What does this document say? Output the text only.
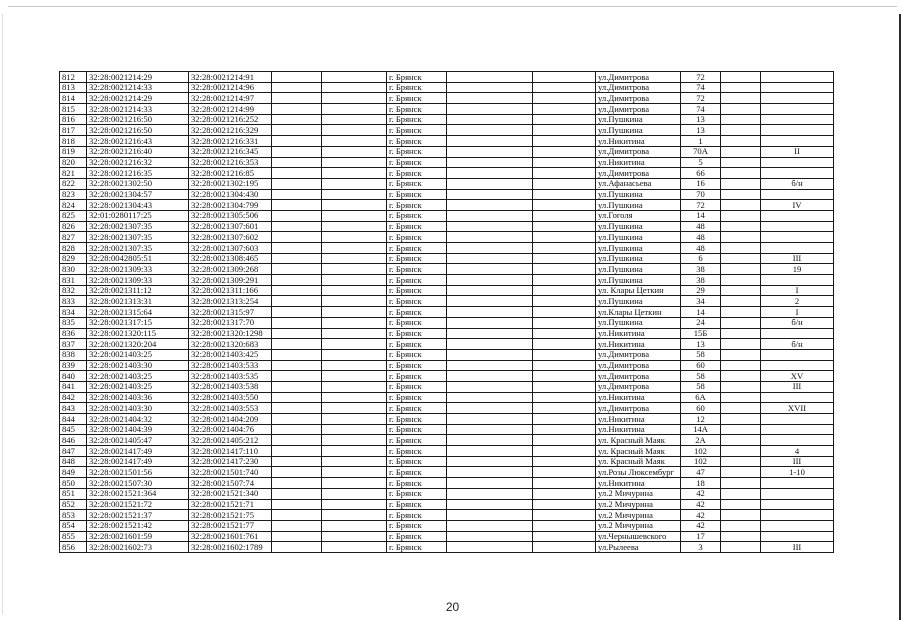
812	32:28:0021214:29	32:28:0021214:91			г. Брянск			ул.Димитрова	72		
813	32:28:0021214:33	32:28:0021214:96			г. Брянск			ул.Димитрова	74		
814	32:28:0021214:29	32:28:0021214:97			г. Брянск			ул.Димитрова	72		
815	32:28:0021214:33	32:28:0021214:99			г. Брянск			ул.Димитрова	74		
816	32:28:0021216:50	32:28:0021216:252			г. Брянск			ул.Пушкина	13		
817	32:28:0021216:50	32:28:0021216:329			г. Брянск			ул.Пушкина	13		
818	32:28:0021216:43	32:28:0021216:331			г. Брянск			ул.Никитина	1		
819	32:28:0021216:40	32:28:0021216:345			г. Брянск			ул.Димитрова	70А		II
820	32:28:0021216:32	32:28:0021216:353			г. Брянск			ул.Никитина	5		
821	32:28:0021216:35	32:28:0021216:85			г. Брянск			ул.Димитрова	66		
822	32:28:0021302:50	32:28:0021302:195			г. Брянск			ул.Афанасьева	16		б/н
823	32:28:0021304:57	32:28:0021304:430			г. Брянск			ул.Пушкина	70		
824	32:28:0021304:43	32:28:0021304:799			г. Брянск			ул.Пушкина	72		IV
825	32:01:0280117:25	32:28:0021305:506			г. Брянск			ул.Гоголя	14		
826	32:28:0021307:35	32:28:0021307:601			г. Брянск			ул.Пушкина	48		
827	32:28:0021307:35	32:28:0021307:602			г. Брянск			ул.Пушкина	48		
828	32:28:0021307:35	32:28:0021307:603			г. Брянск			ул.Пушкина	48		
829	32:28:0042805:51	32:28:0021308:465			г. Брянск			ул.Пушкина	6		III
830	32:28:0021309:33	32:28:0021309:268			г. Брянск			ул.Пушкина	38		19
831	32:28:0021309:33	32:28:0021309:291			г. Брянск			ул.Пушкина	38		
832	32:28:0021311:12	32:28:0021311:166			г. Брянск			ул. Клары Цеткин	29		I
833	32:28:0021313:31	32:28:0021313:254			г. Брянск			ул.Пушкина	34		2
834	32:28:0021315:64	32:28:0021315:97			г. Брянск			ул.Клары Цеткин	14		I
835	32:28:0021317:15	32:28:0021317:70			г. Брянск			ул.Пушкина	24		б/н
836	32:28:0021320:115	32:28:0021320:1298			г. Брянск			ул.Никитина	15Б		
837	32:28:0021320:204	32:28:0021320:683			г. Брянск			ул.Никитина	13		б/н
838	32:28:0021403:25	32:28:0021403:425			г. Брянск			ул.Димитрова	58		
839	32:28:0021403:30	32:28:0021403:533			г. Брянск			ул.Димитрова	60		
840	32:28:0021403:25	32:28:0021403:535			г. Брянск			ул.Димитрова	58		XV
841	32:28:0021403:25	32:28:0021403:538			г. Брянск			ул.Димитрова	58		III
842	32:28:0021403:36	32:28:0021403:550			г. Брянск			ул.Никитина	6А		
843	32:28:0021403:30	32:28:0021403:553			г. Брянск			ул.Димитрова	60		XVII
844	32:28:0021404:32	32:28:0021404:209			г. Брянск			ул.Никитина	12		
845	32:28:0021404:39	32:28:0021404:76			г. Брянск			ул.Никитина	14А		
846	32:28:0021405:47	32:28:0021405:212			г. Брянск			ул. Красный Маяк	2А		
847	32:28:0021417:49	32:28:0021417:110			г. Брянск			ул. Красный Маяк	102		4
848	32:28:0021417:49	32:28:0021417:230			г. Брянск			ул. Красный Маяк	102		III
849	32:28:0021501:56	32:28:0021501:740			г. Брянск			ул.Розы Люксембург	47		1-10
850	32:28:0021507:30	32:28:0021507:74			г. Брянск			ул.Никитина	18		
851	32:28:0021521:364	32:28:0021521:340			г. Брянск			ул.2 Мичурина	42		
852	32:28:0021521:72	32:28:0021521:71			г. Брянск			ул.2 Мичурина	42		
853	32:28:0021521:37	32:28:0021521:75			г. Брянск			ул.2 Мичурина	42		
854	32:28:0021521:42	32:28:0021521:77			г. Брянск			ул.2 Мичурина	42		
855	32:28:0021601:59	32:28:0021601:761			г. Брянск			ул.Чернышевского	17		
856	32:28:0021602:73	32:28:0021602:1789			г. Брянск			ул.Рылеева	3		III
20
